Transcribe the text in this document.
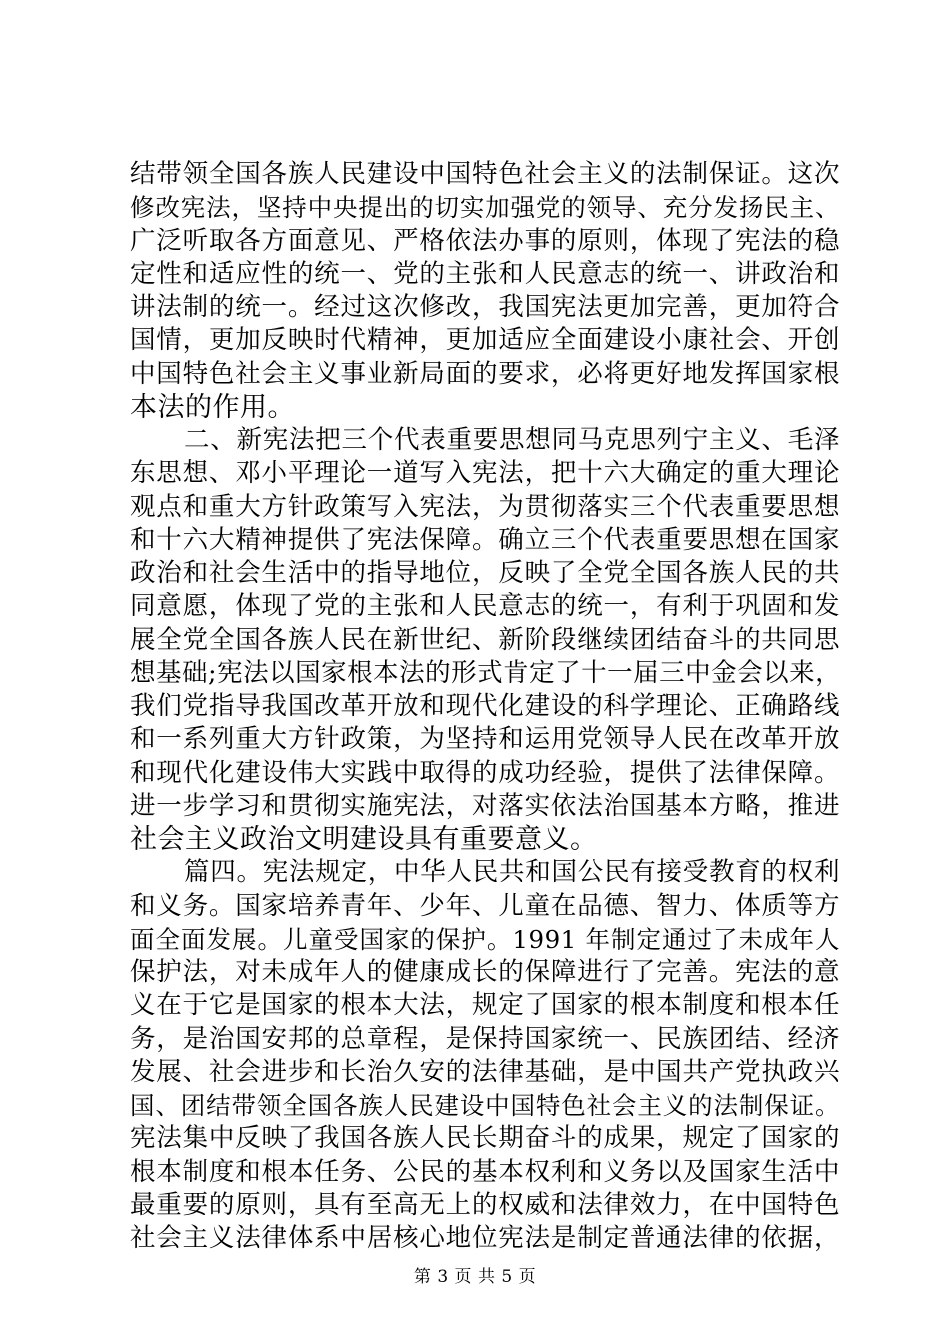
结带领全国各族人民建设中国特色社会主义的法制保证。这次
修改宪法，坚持中央提出的切实加强党的领导、充分发扬民主、
广泛听取各方面意见、严格依法办事的原则，体现了宪法的稳
定性和适应性的统一、党的主张和人民意志的统一、讲政治和
讲法制的统一。经过这次修改，我国宪法更加完善，更加符合
国情，更加反映时代精神，更加适应全面建设小康社会、开创
中国特色社会主义事业新局面的要求，必将更好地发挥国家根
本法的作用。
二、新宪法把三个代表重要思想同马克思列宁主义、毛泽
东思想、邓小平理论一道写入宪法，把十六大确定的重大理论
观点和重大方针政策写入宪法，为贯彻落实三个代表重要思想
和十六大精神提供了宪法保障。确立三个代表重要思想在国家
政治和社会生活中的指导地位，反映了全党全国各族人民的共
同意愿，体现了党的主张和人民意志的统一，有利于巩固和发
展全党全国各族人民在新世纪、新阶段继续团结奋斗的共同思
想基础;宪法以国家根本法的形式肯定了十一届三中金会以来，
我们党指导我国改革开放和现代化建设的科学理论、正确路线
和一系列重大方针政策，为坚持和运用党领导人民在改革开放
和现代化建设伟大实践中取得的成功经验，提供了法律保障。
进一步学习和贯彻实施宪法，对落实依法治国基本方略，推进
社会主义政治文明建设具有重要意义。
篇四。宪法规定，中华人民共和国公民有接受教育的权利
和义务。国家培养青年、少年、儿童在品德、智力、体质等方
面全面发展。儿童受国家的保护。1991 年制定通过了未成年人
保护法，对未成年人的健康成长的保障进行了完善。宪法的意
义在于它是国家的根本大法，规定了国家的根本制度和根本任
务，是治国安邦的总章程，是保持国家统一、民族团结、经济
发展、社会进步和长治久安的法律基础，是中国共产党执政兴
国、团结带领全国各族人民建设中国特色社会主义的法制保证。
宪法集中反映了我国各族人民长期奋斗的成果，规定了国家的
根本制度和根本任务、公民的基本权利和义务以及国家生活中
最重要的原则，具有至高无上的权威和法律效力，在中国特色
社会主义法律体系中居核心地位宪法是制定普通法律的依据，
第 3 页 共 5 页
